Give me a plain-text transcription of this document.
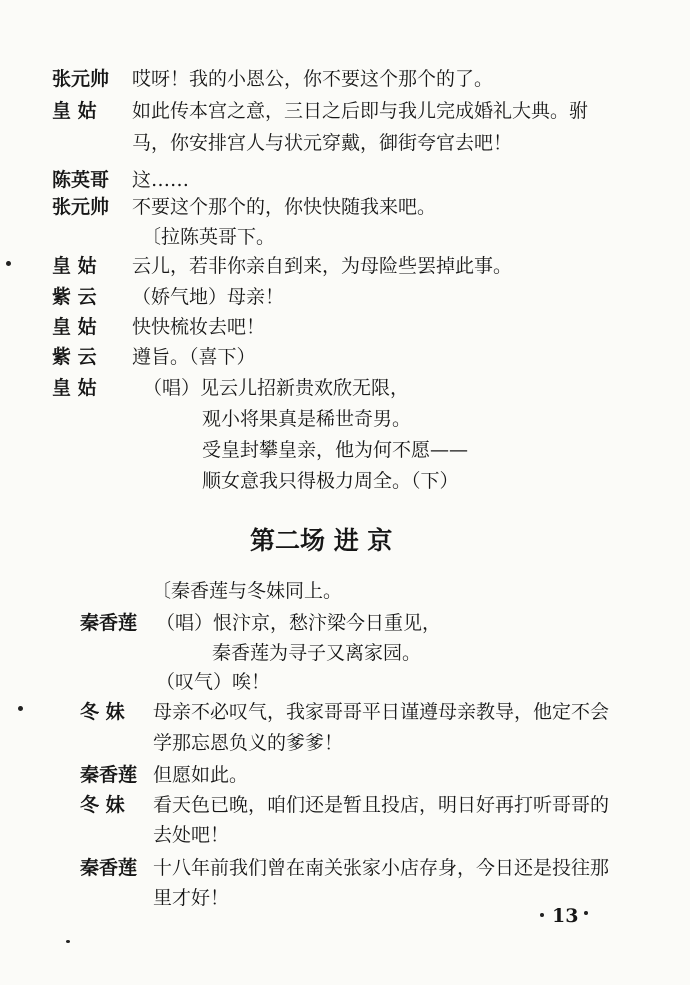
张元帅 哎呀！我的小恩公，你不要这个那个的了。
皇 姑 如此传本宫之意，三日之后即与我儿完成婚礼大典。驸
马，你安排宫人与状元穿戴，御街夸官去吧！
陈英哥 这……
张元帅 不要这个那个的，你快快随我来吧。
〔拉陈英哥下。
皇 姑 云儿，若非你亲自到来，为母险些罢掉此事。
紫 云 （娇气地）母亲！
皇 姑 快快梳妆去吧！
紫 云 遵旨。（喜下）
皇 姑 （唱）见云儿招新贵欢欣无限，
观小将果真是稀世奇男。
受皇封攀皇亲，他为何不愿——
顺女意我只得极力周全。（下）
第二场 进 京
〔秦香莲与冬妹同上。
秦香莲 （唱）恨汴京，愁汴梁今日重见，
秦香莲为寻子又离家园。
（叹气）唉！
冬 妹 母亲不必叹气，我家哥哥平日谨遵母亲教导，他定不会
学那忘恩负义的爹爹！
秦香莲 但愿如此。
冬 妹 看天色已晚，咱们还是暂且投店，明日好再打听哥哥的
去处吧！
秦香莲 十八年前我们曾在南关张家小店存身，今日还是投往那
里才好！
13
